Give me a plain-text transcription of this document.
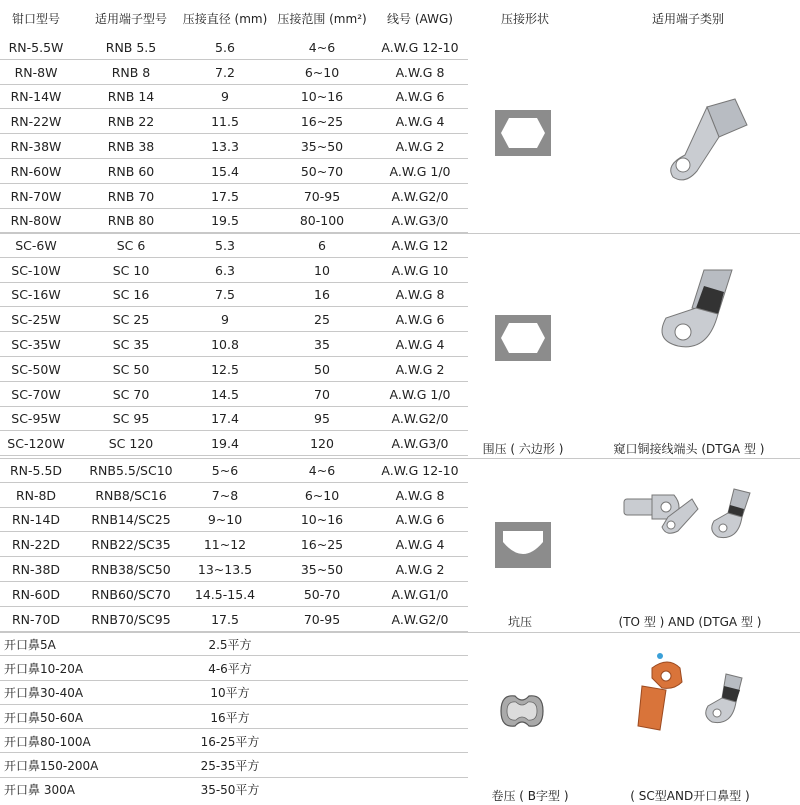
钳口型号	适用端子型号 压接直径 (mm) 压接范围 (mm²) 线号 (AWG)	压接形状	适用端子类别
RN-5.5W	RNB 5.5	5.6	4~6	A.W.G 12-10
RN-8W	RNB 8	7.2	6~10	A.W.G 8
RN-14W	RNB 14	9	10~16	A.W.G 6
RN-22W	RNB 22	11.5	16~25	A.W.G 4
RN-38W	RNB 38	13.3	35~50	A.W.G 2
RN-60W	RNB 60	15.4	50~70	A.W.G 1/0
RN-70W	RNB 70	17.5	70-95	A.W.G2/0
RN-80W	RNB 80	19.5	80-100	A.W.G3/0
SC-6W	SC 6	5.3	6	A.W.G 12
SC-10W	SC 10	6.3	10	A.W.G 10
SC-16W	SC 16	7.5	16	A.W.G 8
SC-25W	SC 25	9	25	A.W.G 6
SC-35W	SC 35	10.8	35	A.W.G 4
SC-50W	SC 50	12.5	50	A.W.G 2
SC-70W	SC 70	14.5	70	A.W.G 1/0
SC-95W	SC 95	17.4	95	A.W.G2/0
SC-120W	SC 120	19.4	120	A.W.G3/0
RN-5.5D RNB5.5/SC10	5~6	4~6	A.W.G 12-10
RN-8D	RNB8/SC16	7~8	6~10	A.W.G 8
RN-14D	RNB14/SC25	9~10	10~16	A.W.G 6
RN-22D	RNB22/SC35	11~12	16~25	A.W.G 4
RN-38D	RNB38/SC50 13~13.5	35~50	A.W.G 2
RN-60D	RNB60/SC70 14.5-15.4	50-70	A.W.G1/0
RN-70D	RNB70/SC95	17.5	70-95	A.W.G2/0
开口鼻5A	2.5平方
开口鼻10-20A	4-6平方
开口鼻30-40A	10平方
开口鼻50-60A	16平方
开口鼻80-100A	16-25平方
开口鼻150-200A	25-35平方
开口鼻 300A	35-50平方
围压 ( 六边形 )	窥口铜接线端头 (DTGA 型 )
坑压	(TO 型 ) AND (DTGA 型 )
卷压 ( B字型 )	( SC型AND开口鼻型 )
